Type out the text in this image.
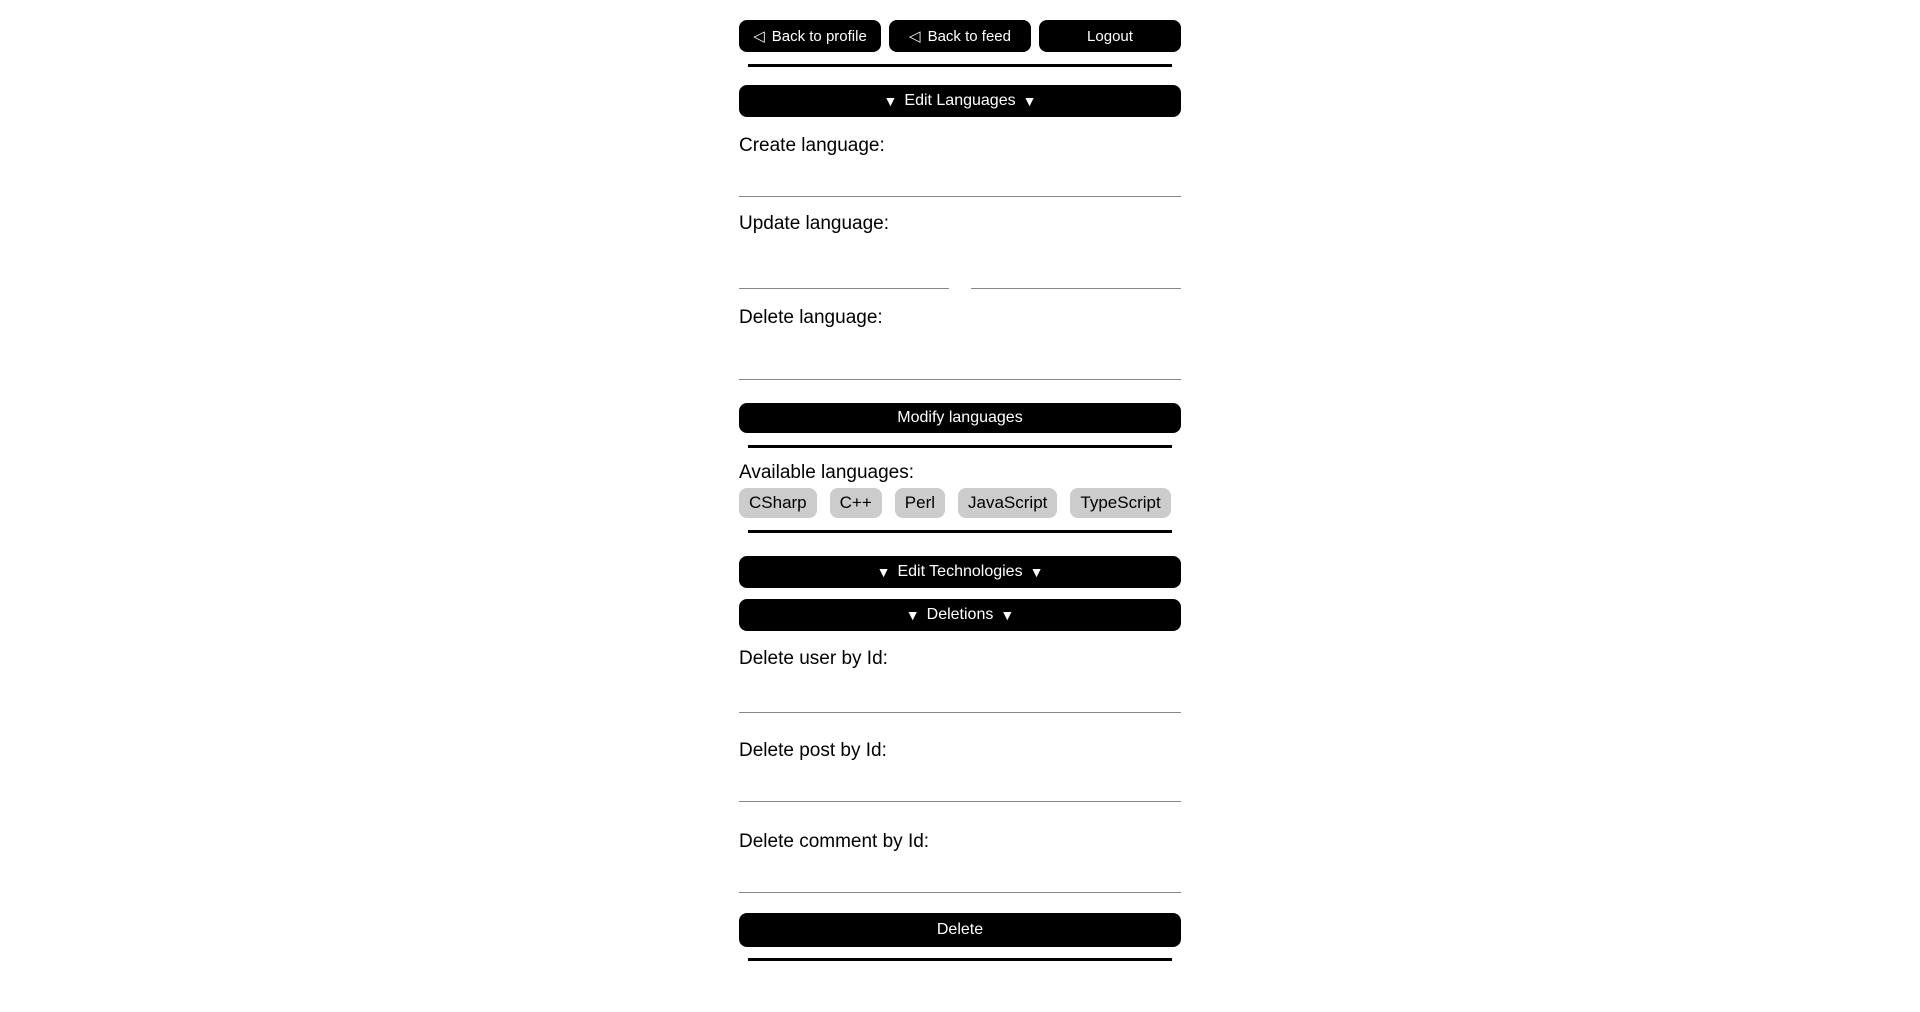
◁ Back to profile	◁ Back to feed	Logout
▼ Edit Languages ▼
Create language:
Update language:
Delete language:
Modify languages
Available languages:
CSharp	C++	Perl	JavaScript	TypeScript
▼ Edit Technologies ▼
▼ Deletions ▼
Delete user by Id:
Delete post by Id:
Delete comment by Id:
Delete
